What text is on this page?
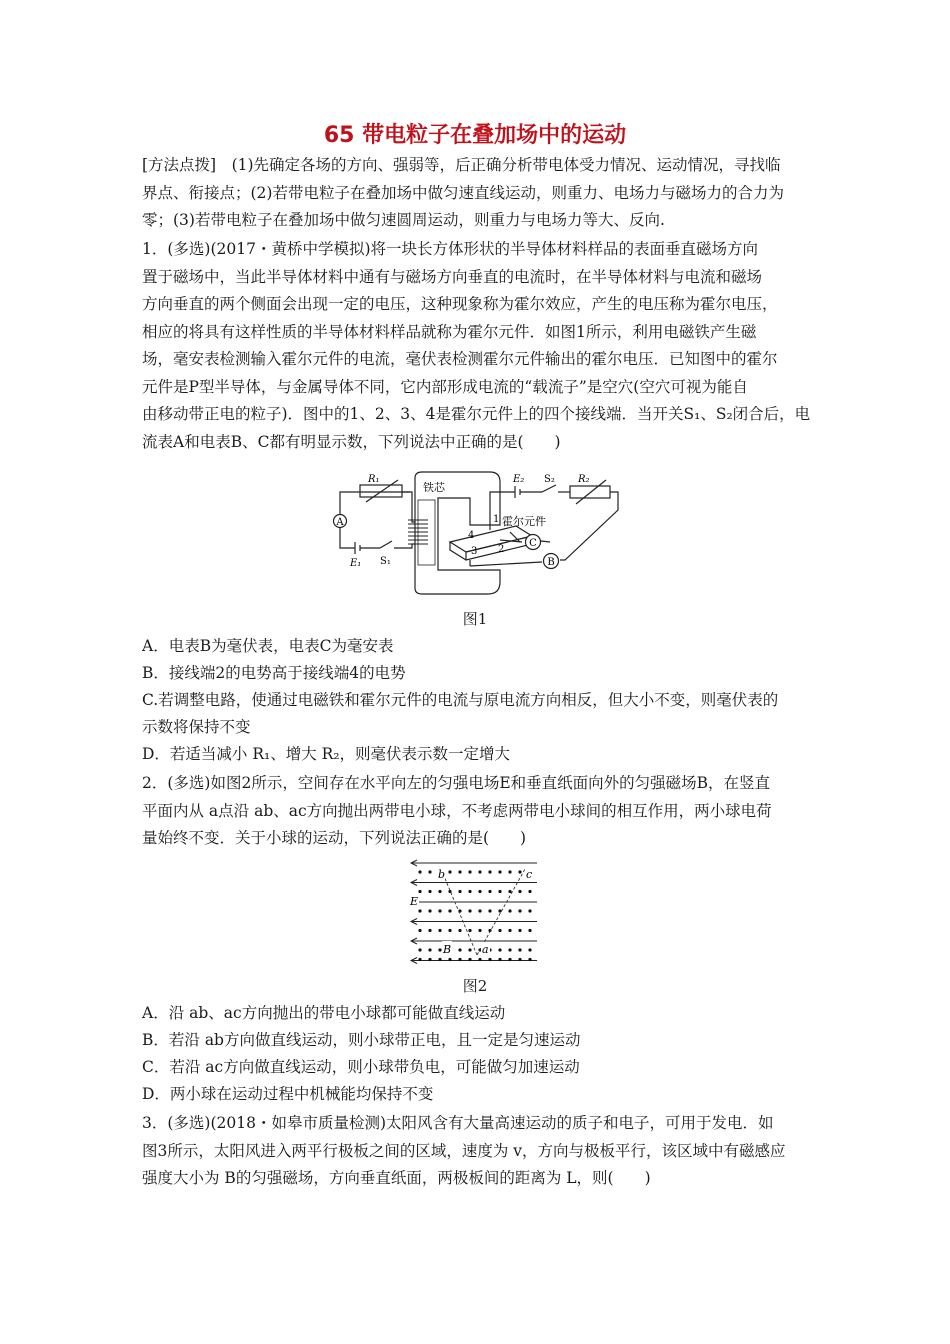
65 带电粒子在叠加场中的运动
[方法点拨]　(1)先确定各场的方向、强弱等，后正确分析带电体受力情况、运动情况，寻找临
界点、衔接点；(2)若带电粒子在叠加场中做匀速直线运动，则重力、电场力与磁场力的合力为
零；(3)若带电粒子在叠加场中做匀速圆周运动，则重力与电场力等大、反向.
1．(多选)(2017・黄桥中学模拟)将一块长方体形状的半导体材料样品的表面垂直磁场方向
置于磁场中，当此半导体材料中通有与磁场方向垂直的电流时，在半导体材料与电流和磁场
方向垂直的两个侧面会出现一定的电压，这种现象称为霍尔效应，产生的电压称为霍尔电压，
相应的将具有这样性质的半导体材料样品就称为霍尔元件．如图1所示，利用电磁铁产生磁
场，毫安表检测输入霍尔元件的电流，毫伏表检测霍尔元件输出的霍尔电压．已知图中的霍尔
元件是P型半导体，与金属导体不同，它内部形成电流的“载流子”是空穴(空穴可视为能自
由移动带正电的粒子)．图中的1、2、3、4是霍尔元件上的四个接线端．当开关S₁、S₂闭合后，电
流表A和电表B、C都有明显示数，下列说法中正确的是(　　)
A
C
B
铁芯
霍尔元件
R₁	R₂
E₁
E₂
S₁
S₂
1
2
3
4
图1
A．电表B为毫伏表，电表C为毫安表
B．接线端2的电势高于接线端4的电势
C.若调整电路，使通过电磁铁和霍尔元件的电流与原电流方向相反，但大小不变，则毫伏表的
示数将保持不变
D．若适当减小 R₁、增大 R₂，则毫伏表示数一定增大
2．(多选)如图2所示，空间存在水平向左的匀强电场E和垂直纸面向外的匀强磁场B，在竖直
平面内从 a点沿 ab、ac方向抛出两带电小球，不考虑两带电小球间的相互作用，两小球电荷
量始终不变．关于小球的运动，下列说法正确的是(　　)
b	c
E
B	a
图2
A．沿 ab、ac方向抛出的带电小球都可能做直线运动
B．若沿 ab方向做直线运动，则小球带正电，且一定是匀速运动
C．若沿 ac方向做直线运动，则小球带负电，可能做匀加速运动
D．两小球在运动过程中机械能均保持不变
3．(多选)(2018・如皋市质量检测)太阳风含有大量高速运动的质子和电子，可用于发电．如
图3所示，太阳风进入两平行极板之间的区域，速度为 v，方向与极板平行，该区域中有磁感应
强度大小为 B的匀强磁场，方向垂直纸面，两极板间的距离为 L，则(　　)
